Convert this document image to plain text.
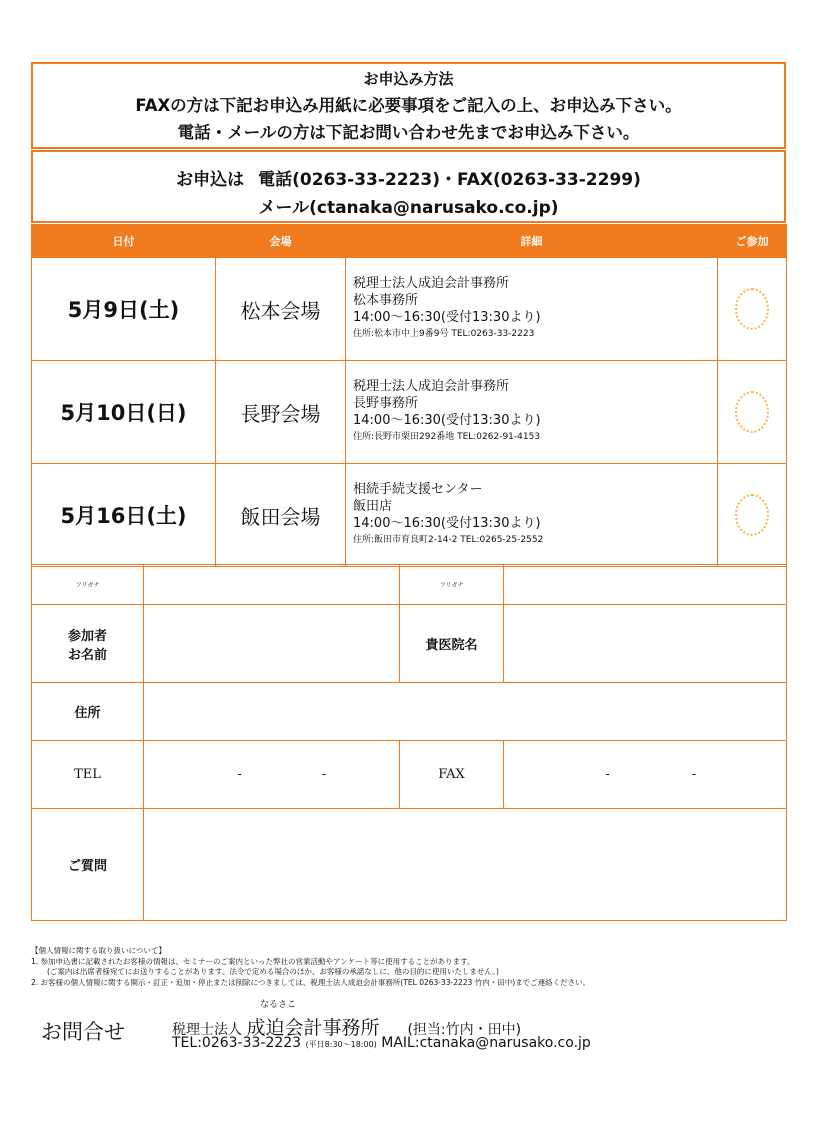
お申込み方法
FAXの方は下記お申込み用紙に必要事項をご記入の上、お申込み下さい。
電話・メールの方は下記お問い合わせ先までお申込み下さい。
お申込は 電話(0263-33-2223)・FAX(0263-33-2299)
メール(ctanaka@narusako.co.jp)
日付	会場	詳細	ご参加
5月9日(土)	松本会場	税理士法人成迫会計事務所
松本事務所
14:00〜16:30(受付13:30より)
住所:松本市中上9番9号 TEL:0263-33-2223	

5月10日(日)	長野会場	税理士法人成迫会計事務所
長野事務所
14:00〜16:30(受付13:30より)
住所:長野市栗田292番地 TEL:0262-91-4153	

5月16日(土)	飯田会場	相続手続支援センター
飯田店
14:00〜16:30(受付13:30より)
住所:飯田市育良町2-14-2 TEL:0265-25-2552	

フリガナ		フリガナ	

参加者
お名前		貴医院名	
住所			
TEL	- -	FAX	- -
ご質問			
【個人情報に関する取り扱いについて】
1. 参加申込書に記載されたお客様の情報は、セミナーのご案内といった弊社の営業活動やアンケート等に使用することがあります。
(ご案内は出席者様宛てにお送りすることがあります。法令で定める場合のほか、お客様の承諾なしに、他の目的に使用いたしません。)
2. お客様の個人情報に関する開示・訂正・追加・停止または削除につきましては、税理士法人成迫会計事務所(TEL 0263-33-2223 竹内・田中)までご連絡ください。
お問合せ
なるさこ
税理士法人 成迫会計事務所 (担当:竹内・田中)
TEL:0263-33-2223 (平日8:30〜18:00) MAIL:ctanaka@narusako.co.jp
